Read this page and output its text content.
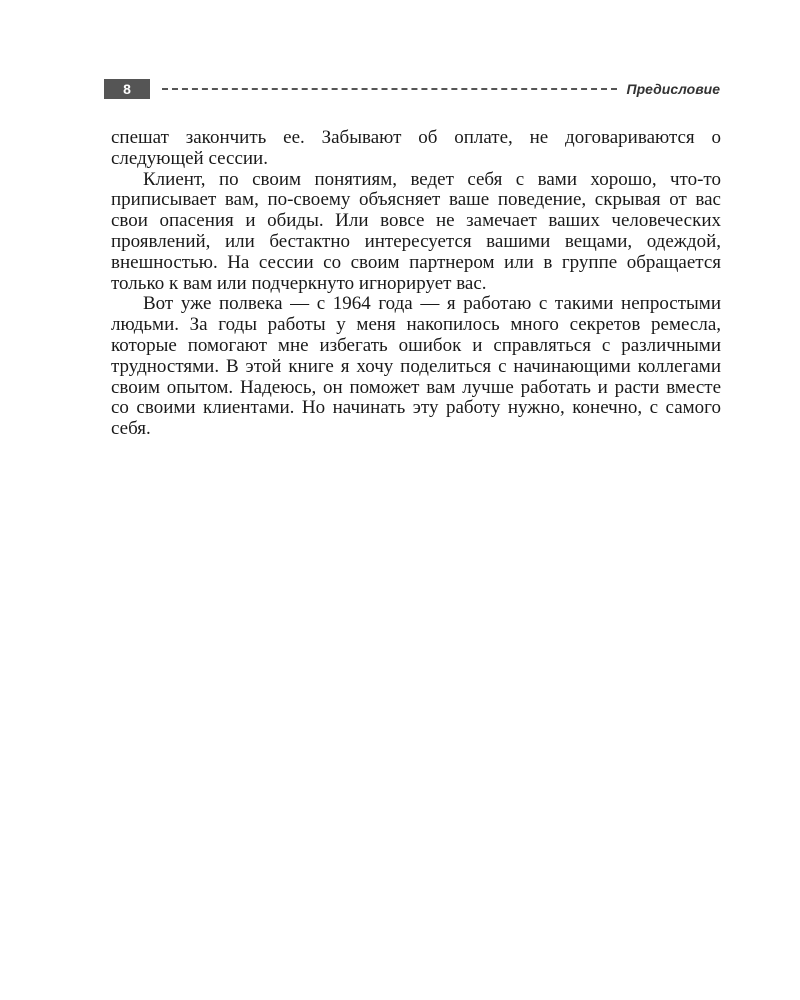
8	Предисловие

спешат закончить ее. Забывают об оплате, не договариваются о следующей сессии.

Клиент, по своим понятиям, ведет себя с вами хорошо, что-то приписывает вам, по-своему объясняет ваше поведение, скрывая от вас свои опасения и обиды. Или вовсе не замечает ваших человеческих проявлений, или бестактно интересуется вашими вещами, одеждой, внешностью. На сессии со своим партнером или в группе обращается только к вам или подчеркнуто игнорирует вас.

Вот уже полвека — с 1964 года — я работаю с такими непростыми людьми. За годы работы у меня накопилось много секретов ремесла, которые помогают мне избегать ошибок и справляться с различными трудностями. В этой книге я хочу поделиться с начинающими коллегами своим опытом. Надеюсь, он поможет вам лучше работать и расти вместе со своими клиентами. Но начинать эту работу нужно, конечно, с самого себя.
